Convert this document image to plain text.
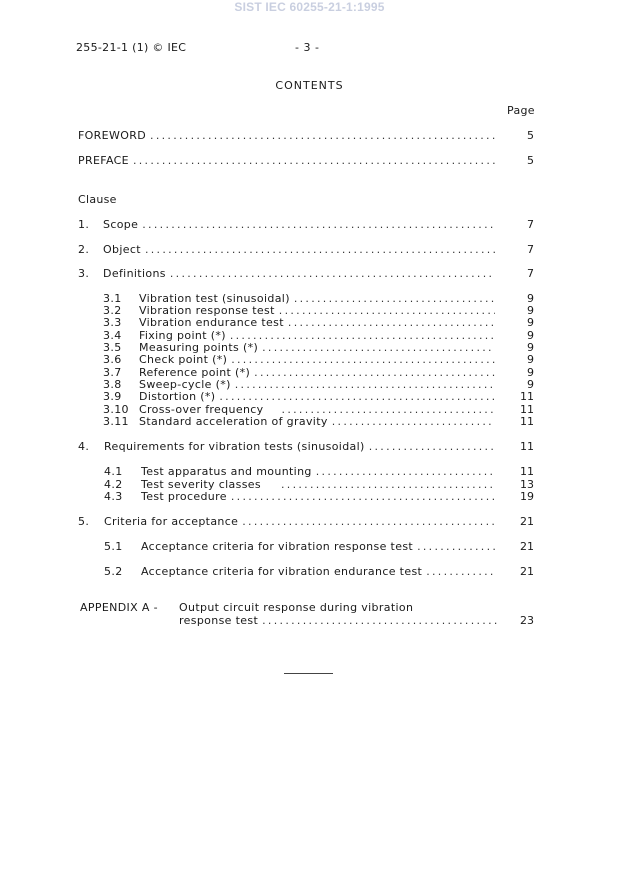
SIST IEC 60255-21-1:1995
255-21-1 (1) © IEC	- 3 -
CONTENTS
Page
Clause
FOREWORD . . .	5
PREFACE . . .	5
1.	Scope . . .	7
2.	Object . . .	7
3.	Definitions . . .	7
3.1	Vibration test (sinusoidal) . . .	9
3.2	Vibration response test . . .	9
3.3	Vibration endurance test . . .	9
3.4	Fixing point (*) . . .	9
3.5	Measuring points (*) . . .	9
3.6	Check point (*) . . .	9
3.7	Reference point (*) . . .	9
3.8	Sweep-cycle (*) . . .	9
3.9	Distortion (*) . . .	11
3.10 Cross-over frequency . . .	11
3.11 Standard acceleration of gravity . . .	11
4.	Requirements for vibration tests (sinusoidal) . . .	11
4.1	Test apparatus and mounting . . .	11
4.2	Test severity classes . . .	13
4.3	Test procedure . . .	19
5.	Criteria for acceptance . . .	21
5.1	Acceptance criteria for vibration response test . . .	21
5.2	Acceptance criteria for vibration endurance test . . .	21
APPENDIX A -	Output circuit response during vibration
response test . . .	23
